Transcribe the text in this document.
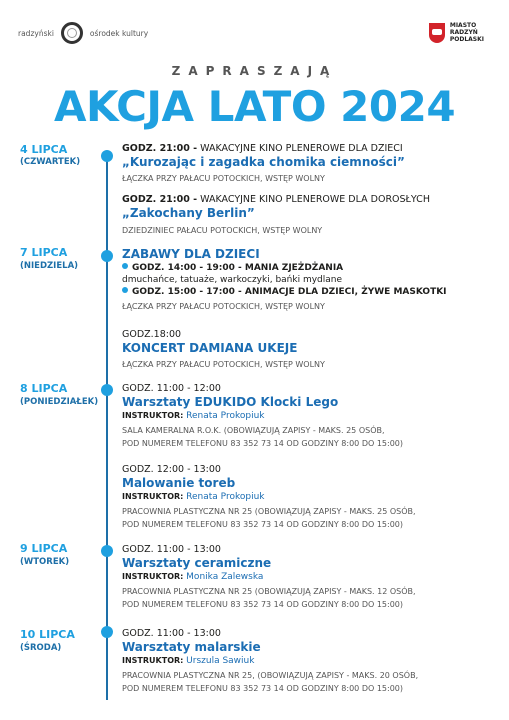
radzyński	ośrodek kultury
MIASTO
RADZYŃ
PODLASKI
ZAPRASZAJĄ
AKCJA LATO 2024
4 LIPCA
(CZWARTEK)
7 LIPCA
(NIEDZIELA)
8 LIPCA
(PONIEDZIAŁEK)
9 LIPCA
(WTOREK)
10 LIPCA
(ŚRODA)
GODZ. 21:00 - WAKACYJNE KINO PLENEROWE DLA DZIECI
„Kurozając i zagadka chomika ciemności”
ŁĄCZKA PRZY PAŁACU POTOCKICH, WSTĘP WOLNY
GODZ. 21:00 - WAKACYJNE KINO PLENEROWE DLA DOROSŁYCH
„Zakochany Berlin”
DZIEDZINIEC PAŁACU POTOCKICH, WSTĘP WOLNY
ZABAWY DLA DZIECI
GODZ. 14:00 - 19:00 - MANIA ZJEŻDŻANIA
dmuchańce, tatuaże, warkoczyki, bańki mydlane
GODZ. 15:00 - 17:00 - ANIMACJE DLA DZIECI, ŻYWE MASKOTKI
ŁĄCZKA PRZY PAŁACU POTOCKICH, WSTĘP WOLNY
GODZ.18:00
KONCERT DAMIANA UKEJE
ŁĄCZKA PRZY PAŁACU POTOCKICH, WSTĘP WOLNY
GODZ. 11:00 - 12:00
Warsztaty EDUKIDO Klocki Lego
INSTRUKTOR: Renata Prokopiuk
SALA KAMERALNA R.O.K. (OBOWIĄZUJĄ ZAPISY - MAKS. 25 OSÓB,
POD NUMEREM TELEFONU 83 352 73 14 OD GODZINY 8:00 DO 15:00)
GODZ. 12:00 - 13:00
Malowanie toreb
INSTRUKTOR: Renata Prokopiuk
PRACOWNIA PLASTYCZNA NR 25 (OBOWIĄZUJĄ ZAPISY - MAKS. 25 OSÓB,
POD NUMEREM TELEFONU 83 352 73 14 OD GODZINY 8:00 DO 15:00)
GODZ. 11:00 - 13:00
Warsztaty ceramiczne
INSTRUKTOR: Monika Zalewska
PRACOWNIA PLASTYCZNA NR 25 (OBOWIĄZUJĄ ZAPISY - MAKS. 12 OSÓB,
POD NUMEREM TELEFONU 83 352 73 14 OD GODZINY 8:00 DO 15:00)
GODZ. 11:00 - 13:00
Warsztaty malarskie
INSTRUKTOR: Urszula Sawiuk
PRACOWNIA PLASTYCZNA NR 25, (OBOWIĄZUJĄ ZAPISY - MAKS. 20 OSÓB,
POD NUMEREM TELEFONU 83 352 73 14 OD GODZINY 8:00 DO 15:00)
